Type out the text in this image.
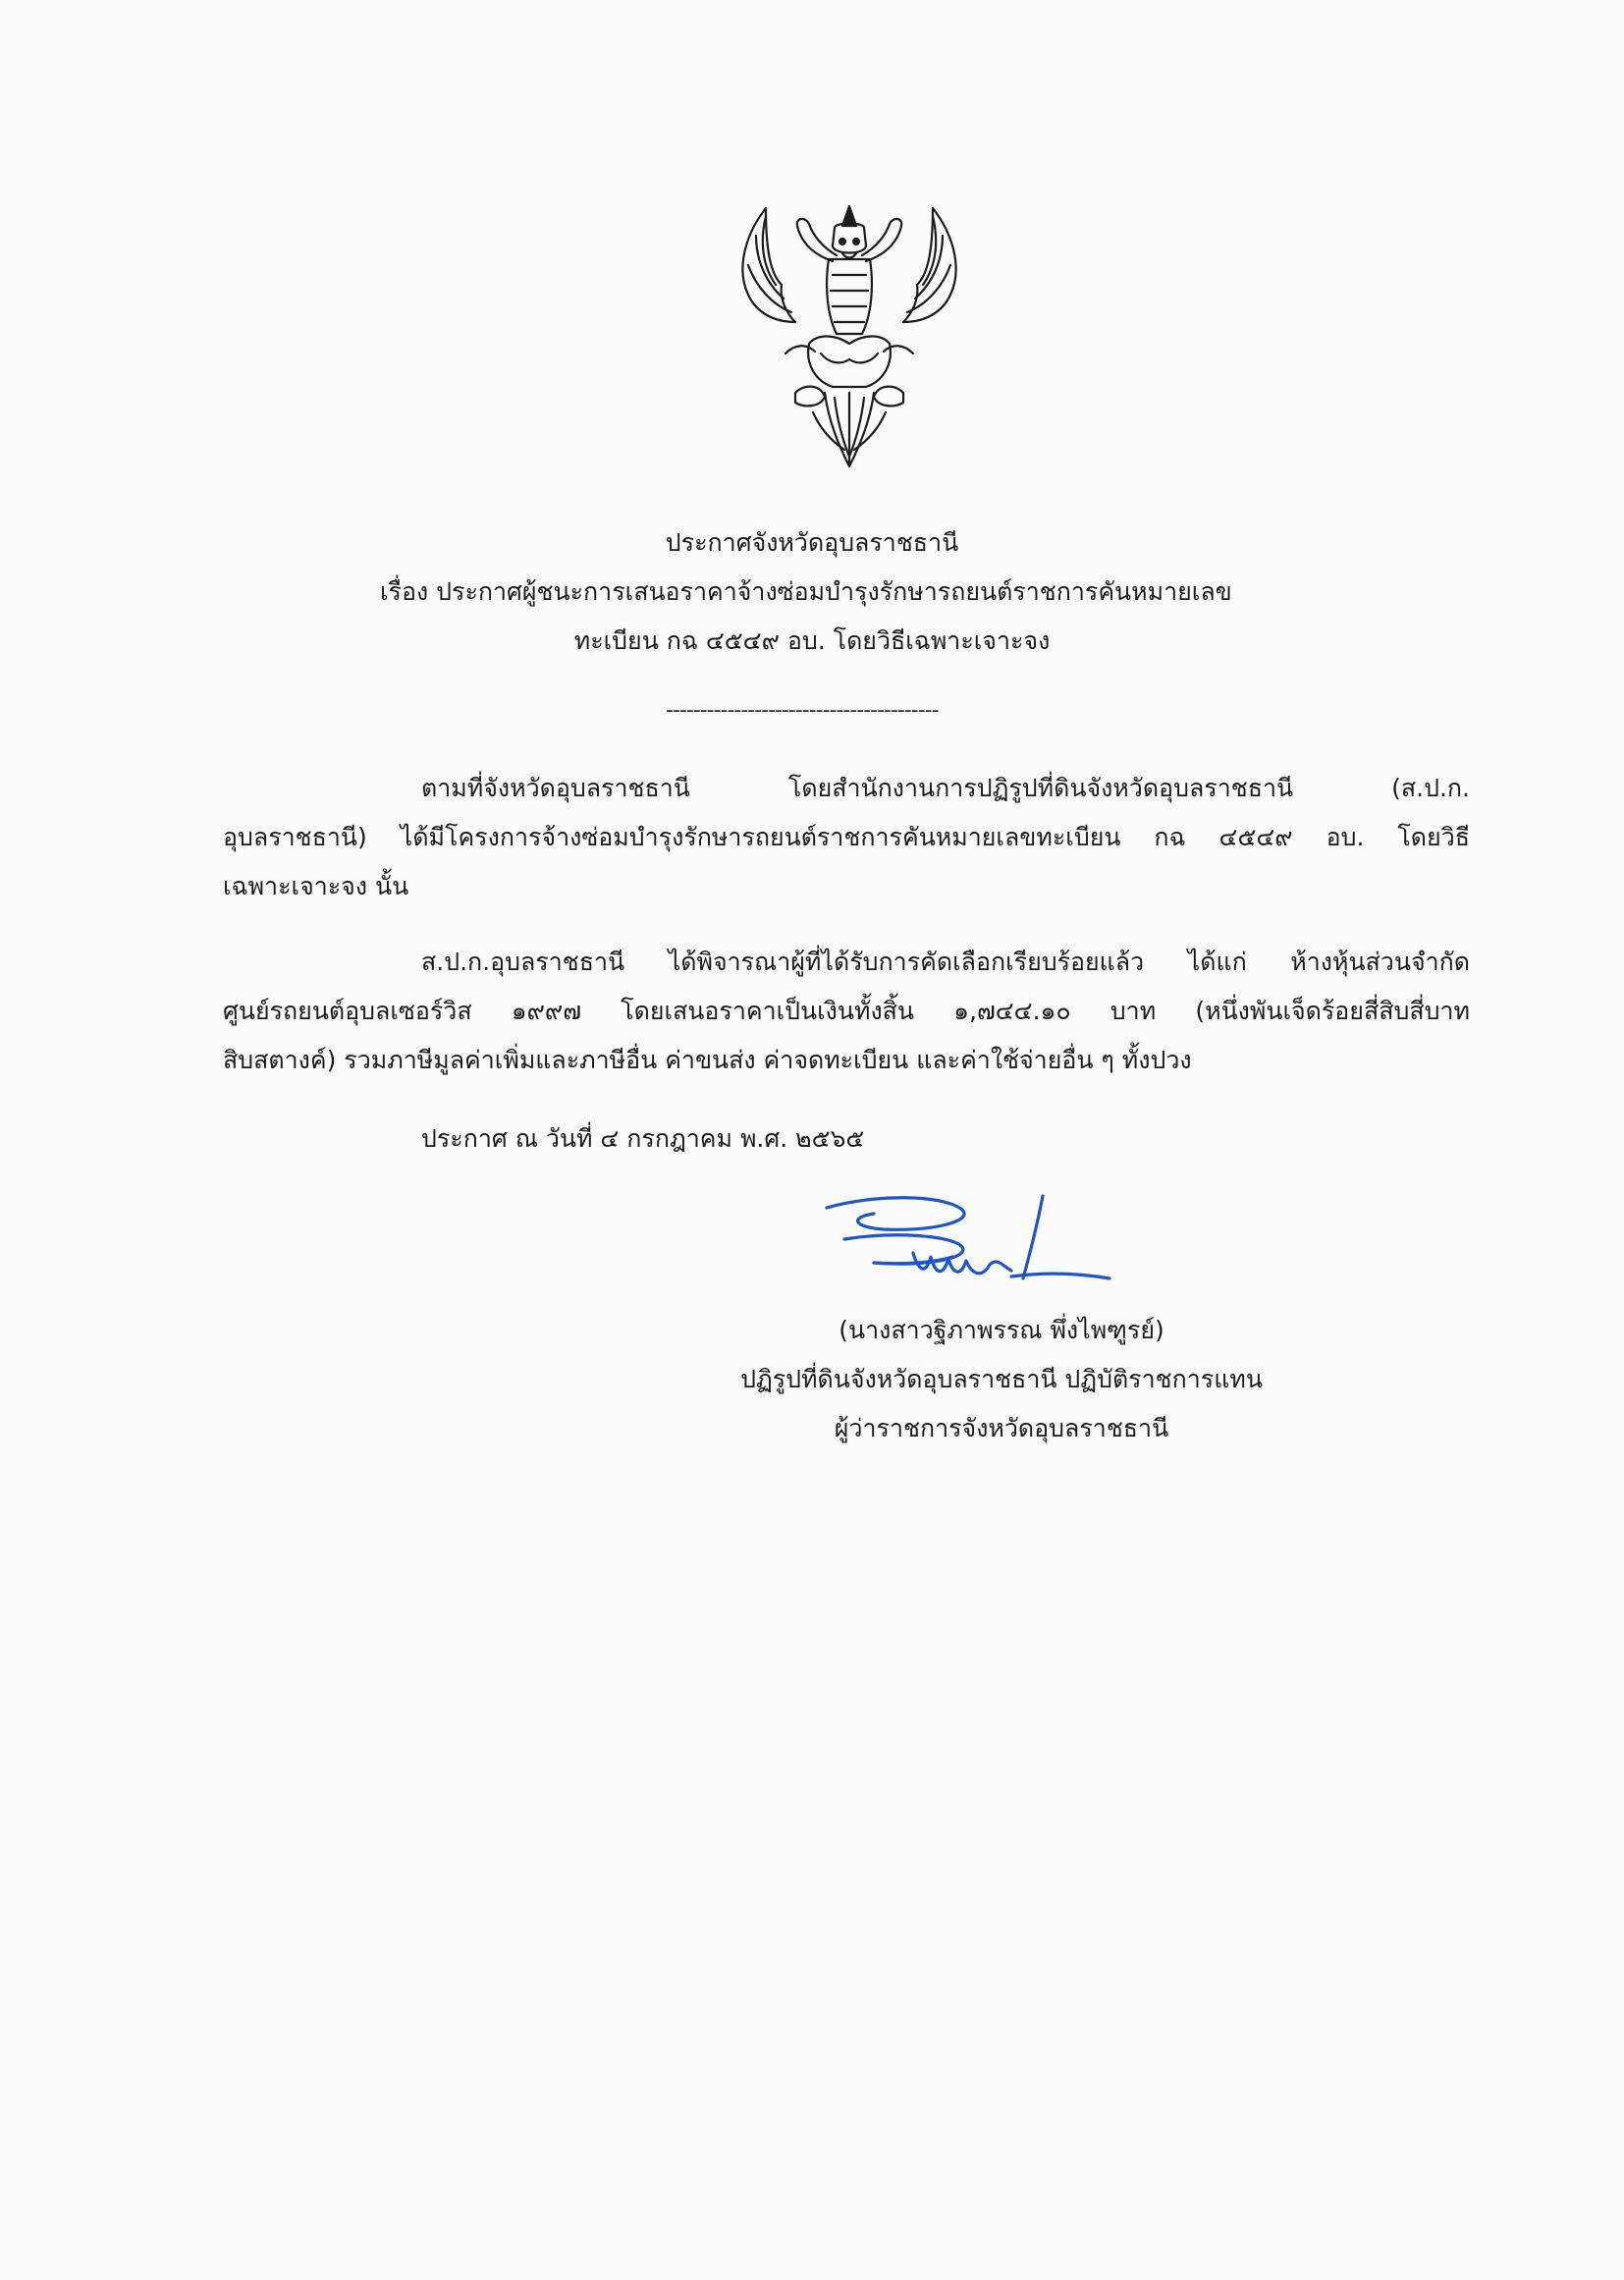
ประกาศจังหวัดอุบลราชธานี
เรื่อง ประกาศผู้ชนะการเสนอราคาจ้างซ่อมบำรุงรักษารถยนต์ราชการคันหมายเลข
ทะเบียน กฉ ๔๕๔๙ อบ. โดยวิธีเฉพาะเจาะจง
----------------------------------------
ตามที่จังหวัดอุบลราชธานี โดยสำนักงานการปฏิรูปที่ดินจังหวัดอุบลราชธานี (ส.ป.ก.
อุบลราชธานี) ได้มีโครงการจ้างซ่อมบำรุงรักษารถยนต์ราชการคันหมายเลขทะเบียน กฉ ๔๕๔๙ อบ. โดยวิธี
เฉพาะเจาะจง นั้น
ส.ป.ก.อุบลราชธานี ได้พิจารณาผู้ที่ได้รับการคัดเลือกเรียบร้อยแล้ว ได้แก่ ห้างหุ้นส่วนจำกัด
ศูนย์รถยนต์อุบลเซอร์วิส ๑๙๙๗ โดยเสนอราคาเป็นเงินทั้งสิ้น ๑,๗๔๔.๑๐ บาท (หนึ่งพันเจ็ดร้อยสี่สิบสี่บาท
สิบสตางค์) รวมภาษีมูลค่าเพิ่มและภาษีอื่น ค่าขนส่ง ค่าจดทะเบียน และค่าใช้จ่ายอื่น ๆ ทั้งปวง
ประกาศ ณ วันที่ ๔ กรกฎาคม พ.ศ. ๒๕๖๕
(นางสาวฐิภาพรรณ พึ่งไพฑูรย์)
ปฏิรูปที่ดินจังหวัดอุบลราชธานี ปฏิบัติราชการแทน
ผู้ว่าราชการจังหวัดอุบลราชธานี
